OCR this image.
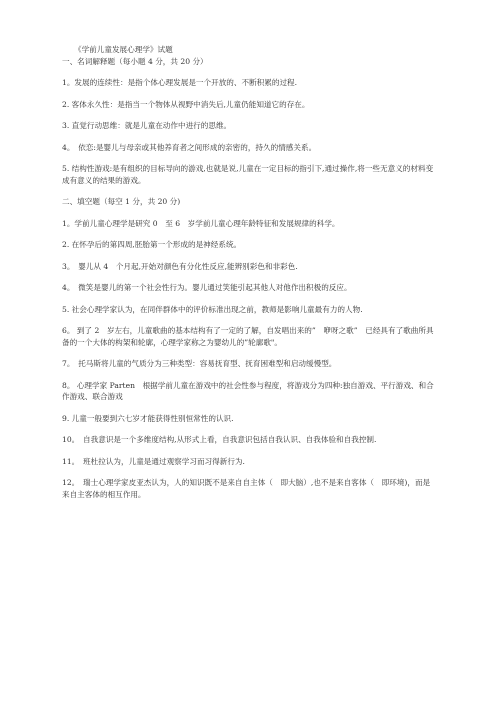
《学前儿童发展心理学》试题
一、名词解释题（每小题 4 分，共 20 分）
1。发展的连续性：是指个体心理发展是一个开放的、不断积累的过程.
2. 客体永久性：是指当一个物体从视野中消失后,儿童仍能知道它的存在。
3. 直觉行动思维：就是儿童在动作中进行的思维。
4。　依恋:是婴儿与母亲或其他养育者之间形成的亲密的，持久的情感关系。
5. 结构性游戏:是有组织的目标导向的游戏,也就是说,儿童在一定目标的指引下,通过操作,将一些无意义的材料变成有意义的结果的游戏。
二、填空题（每空 1 分，共 20 分)
1。学前儿童心理学是研究 0　至 6　岁学前儿童心理年龄特征和发展规律的科学。
2. 在怀孕后的第四周,胚胎第一个形成的是神经系统。
3。　婴儿从 4　个月起,开始对颜色有分化性反应,能辨别彩色和非彩色.
4。　微笑是婴儿的第一个社会性行为。婴儿通过笑能引起其他人对他作出积极的反应。
5. 社会心理学家认为，在同伴群体中的评价标准出现之前，教师是影响儿童最有力的人物.
6。 到了 2　岁左右，儿童歌曲的基本结构有了一定的了解，自发唱出来的”　咿呀之歌”　已经具有了歌曲所具备的一个大体的构架和轮廓，心理学家称之为婴幼儿的”轮廓歌"。
7。　托马斯将儿童的气质分为三种类型：容易抚育型、抚育困难型和启动缓慢型。
8。 心理学家 Parten　根据学前儿童在游戏中的社会性参与程度，将游戏分为四种:独自游戏、平行游戏、和合作游戏、联合游戏
9. 儿童一般要到六七岁才能获得性别恒常性的认识.
10。　自我意识是一个多维度结构,从形式上看，自我意识包括自我认识、自我体验和自我控制.
11。　班杜拉认为，儿童是通过观察学习而习得新行为.
12。　瑞士心理学家皮亚杰认为，人的知识既不是来自自主体（　即大脑）,也不是来自客体（　即环境)，而是来自主客体的相互作用。
